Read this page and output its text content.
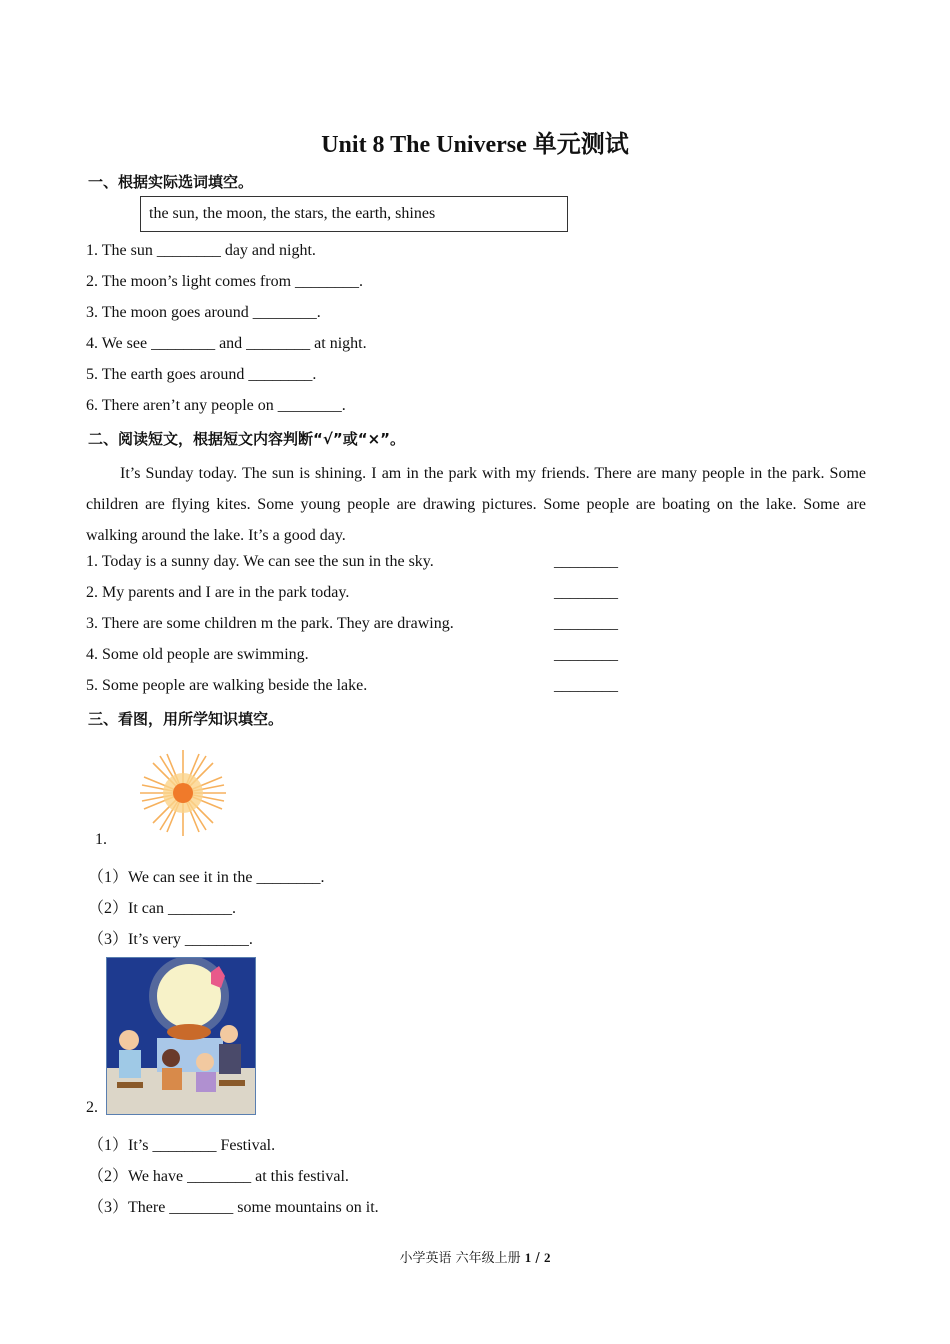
Unit 8 The Universe 单元测试
一、根据实际选词填空。
the sun, the moon, the stars, the earth, shines
1. The sun ________ day and night.
2. The moon’s light comes from ________.
3. The moon goes around ________.
4. We see ________ and ________ at night.
5. The earth goes around ________.
6. There aren’t any people on ________.
二、阅读短文，根据短文内容判断“√”或“×”。
It’s Sunday today. The sun is shining. I am in the park with my friends. There are many people in the park. Some children are flying kites. Some young people are drawing pictures. Some people are boating on the lake. Some are walking around the lake. It’s a good day.
1. Today is a sunny day. We can see the sun in the sky.	________
2. My parents and I are in the park today.	________
3. There are some children m the park. They are drawing.	________
4. Some old people are swimming.	________
5. Some people are walking beside the lake.	________
三、看图，用所学知识填空。
1.
（1）We can see it in the ________.
（2）It can ________.
（3）It’s very ________.
2.
（1）It’s ________ Festival.
（2）We have ________ at this festival.
（3）There ________ some mountains on it.
小学英语 六年级上册 1 / 2
